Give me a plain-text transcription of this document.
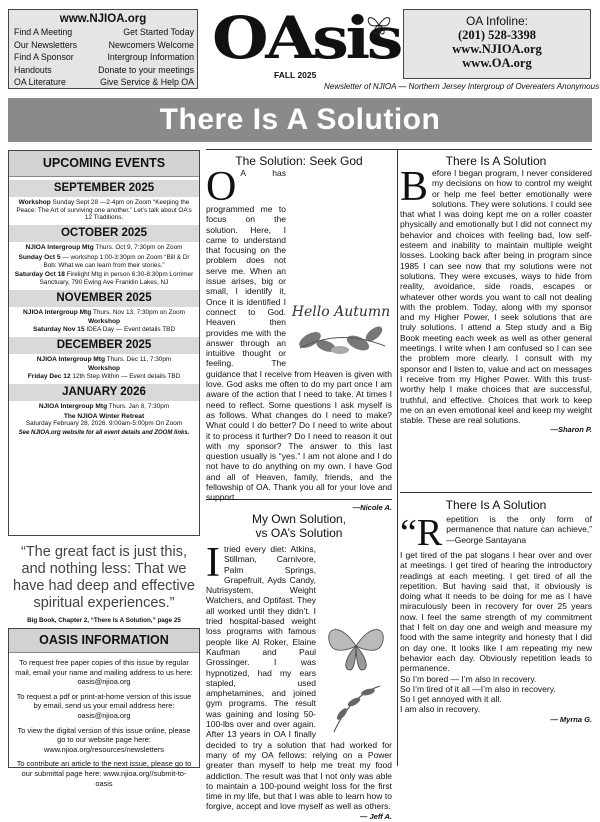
www.NJIOA.org
Find A Meeting	Get Started Today
Our Newsletters	Newcomers Welcome
Find A Sponsor	Intergroup Information
Handouts	Donate to your meetings
OA Literature	Give Service & Help OA
OAsis
FALL 2025
Newsletter of NJIOA — Northern Jersey Intergroup of Overeaters Anonymous
OA Infoline:
(201) 528-3398
www.NJIOA.org
www.OA.org
There Is A Solution
UPCOMING EVENTS
SEPTEMBER 2025
Workshop Sunday Sept 28 —2-4pm on Zoom “Keeping the Peace: The Art of surviving one another.” Let’s talk about OA’s 12 Traditions.
OCTOBER 2025
NJIOA Intergroup Mtg Thurs. Oct 9, 7:30pm on Zoom
Sunday Oct 5 — workshop 1:00-3:30pm on Zoom “Bill & Dr Bob: What we can learn from their stories.”
Saturday Oct 18 Firelight Mtg in person 6:30-8:30pm Lorrimer Sanctuary, 790 Ewing Ave Franklin Lakes, NJ
NOVEMBER 2025
NJIOA Intergroup Mtg Thurs. Nov 13, 7:30pm on Zoom
Workshop
Saturday Nov 15 IDEA Day — Event details TBD
DECEMBER 2025
NJIOA Intergroup Mtg Thurs. Dec 11, 7:30pm
Workshop
Friday Dec 12 12th Step Within — Event details TBD
JANUARY 2026
NJIOA Intergroup Mtg Thurs. Jan 8, 7:30pm
The NJIOA Winter Retreat
Saturday February 28, 2026. 9:00am-5:00pm On Zoom
See NJIOA.org website for all event details and ZOOM links.
“The great fact is just this, and nothing less: That we have had deep and effective spiritual experiences.”
Big Book, Chapter 2, “There Is A Solution,” page 25
OASIS INFORMATION

To request free paper copies of this issue by regular mail, email your name and mailing address to us here: oasis@njioa.org

To request a pdf or print-at-home version of this issue by email, send us your email address here: oasis@njioa.org

To view the digital version of this issue online, please go to our website page here: www.njioa.org/resources/newsletters

To contribute an article to the next issue, please go to our submittal page here: www.njioa.org//submit-to-oasis

The Solution: Seek God
O
Hello Autumn
A has programmed me to focus on the solution. Here, I came to understand that focusing on the problem does not serve me. When an issue arises, big or small, I identify it, Once it is identified I connect to God. Heaven then provides me with the answer through an intuitive thought or feeling. The guidance that I receive from Heaven is given with love. God asks me often to do my part once I am aware of the action that I need to take. At times I need to reflect. Some questions I ask myself is as follows. What changes do I need to make? What could I do better? Do I need to write about it to process it further? Do I need to reason it out with my sponsor? The answer to this last question usually is “yes.” I am not alone and I do not have to do anything on my own. I have God and all of Heaven, family, friends, and the fellowship of OA. Thank you all for your love and support.
—Nicole A.
My Own Solution,
vs OA’s Solution
I tried every diet: Atkins, Stillman, Carnivore, Palm Springs, Grapefruit, Ayds Candy, Nutrisystem, Weight Watchers, and Optifast. They all worked until they didn’t. I tried hospital-based weight loss programs with famous people like Al Roker, Elaine Kaufman and Paul Grossinger. I was hypnotized, had my ears stapled, used amphetamines, and joined gym programs. The result was gaining and losing 50-100-lbs over and over again. After 13 years in OA I finally decided to try a solution that had worked for many of my OA fellows: relying on a Power greater than myself to help me treat my food addiction. The result was that I not only was able to maintain a 100-pound weight loss for the first time in my life, but that I was able to learn how to forgive, accept and love myself as well as others.
— Jeff A.
There Is A Solution
B efore I began program, I never considered my decisions on how to control my weight or help me feel better emotionally were solutions. They were solutions. I could see that what I was doing kept me on a roller coaster physically and emotionally but I did not connect my behavior and choices with feeling bad, low self-esteem and inability to maintain multiple weight losses. Looking back after being in program since 1985 I can see now that my solutions were not solutions. They were excuses, ways to hide from reality, avoidance, side roads, escapes or whatever other words you want to call not dealing with the problem. Today, along with my sponsor and my Higher Power, I seek solutions that are truly solutions. I attend a Step study and a Big Book meeting each week as well as other general meetings. I write when I am confused so I can see the problem more clearly. I consult with my sponsor and I listen to, value and act on messages I receive from my Higher Power. With this trust-worthy help I make choices that are successful, truthful, and effective. Choices that work to keep me on an even emotional keel and keep my weight stable. These are real solutions.
—Sharon P.
There Is A Solution
“R epetition is the only form of permanence that nature can achieve,” —George Santayana
I get tired of the pat slogans I hear over and over at meetings. I get tired of hearing the introductory readings at each meeting. I get tired of all the repetition. But having said that, it obviously is doing what it needs to be doing for me as I have miraculously been in recovery for over 25 years now. I feel the same strength of my commitment that I felt on day one and weigh and measure my food with the same integrity and honesty that I did on day one. It looks like I am repeating my new behavior each day. Obviously repetition leads to permanence.
So I’m bored — I’m also in recovery.
So I’m tired of it all —I’m also in recovery.
So I get annoyed with it all.
I am also in recovery.
— Myrna G.
